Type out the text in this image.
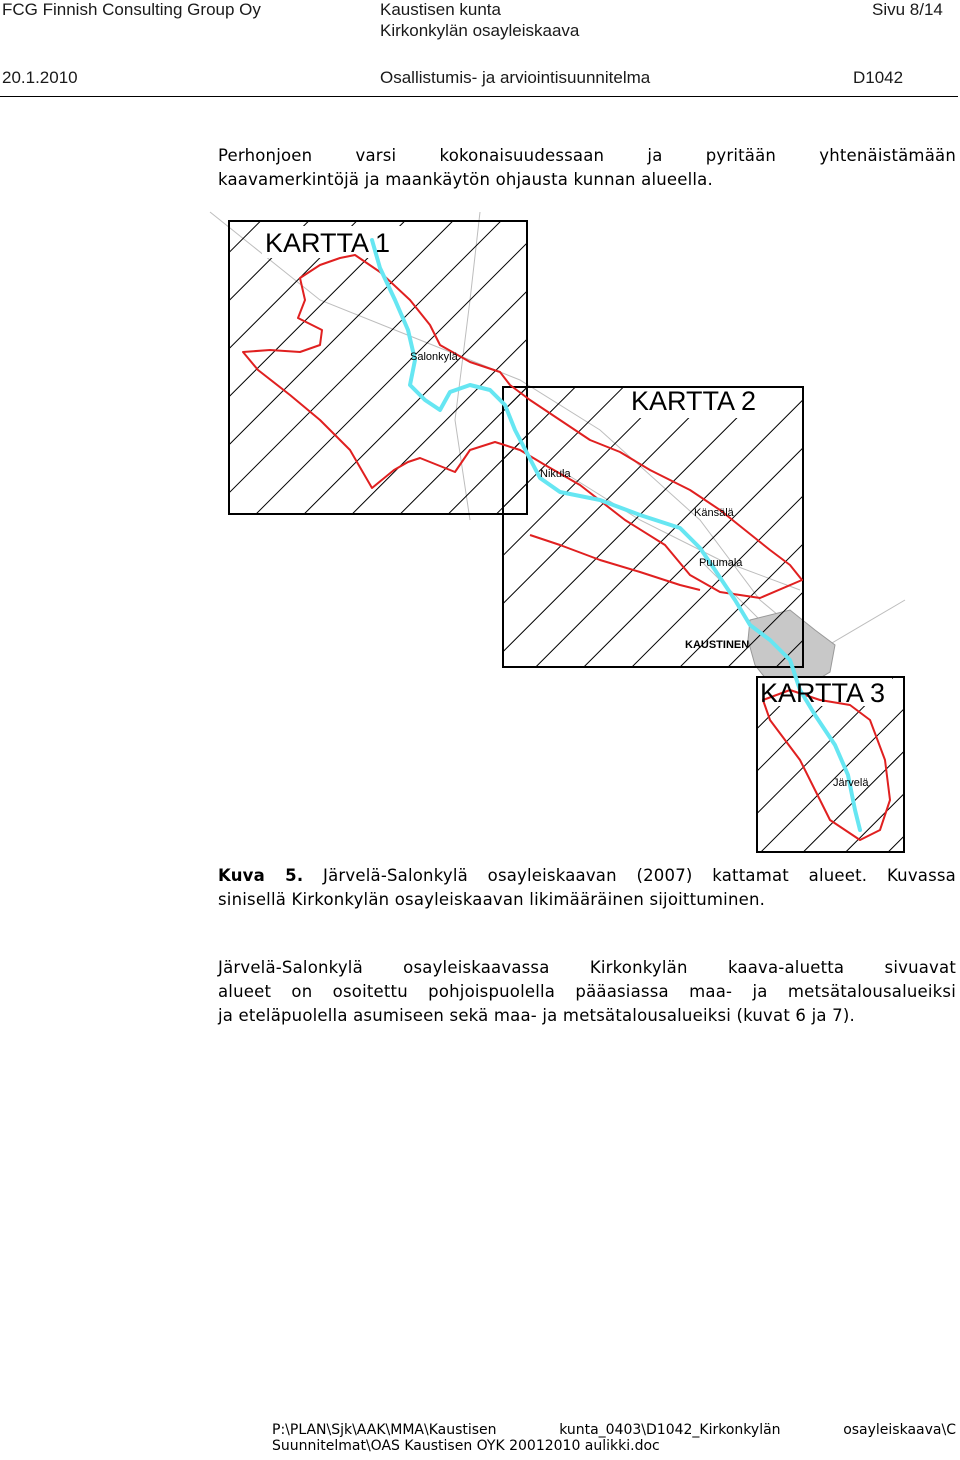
FCG Finnish Consulting Group Oy	Kaustisen kunta
Kirkonkylän osayleiskaava
Sivu 8/14
20.1.2010	Osallistumis- ja arviointisuunnitelma	D1042
Perhonjoen	varsi	kokonaisuudessaan	ja	pyritään	yhtenäistämään
kaavamerkintöjä ja maankäytön ohjausta kunnan alueella.
KARTTA 1
KARTTA 2
KARTTA 3
Salonkylä
Nikula
Känsälä
Puumala
KAUSTINEN
Järvelä
Kuva 5. Järvelä-Salonkylä osayleiskaavan (2007) kattamat alueet. Kuvassa
sinisellä Kirkonkylän osayleiskaavan likimääräinen sijoittuminen.
Järvelä-Salonkylä osayleiskaavassa Kirkonkylän kaava-aluetta sivuavat
alueet on osoitettu pohjoispuolella pääasiassa maa- ja metsätalousalueiksi
ja eteläpuolella asumiseen sekä maa- ja metsätalousalueiksi (kuvat 6 ja 7).
P:\PLAN\Sjk\AAK\MMA\Kaustisen	kunta_0403\D1042_Kirkonkylän	osayleiskaava\C
Suunnitelmat\OAS Kaustisen OYK 20012010 aulikki.doc
